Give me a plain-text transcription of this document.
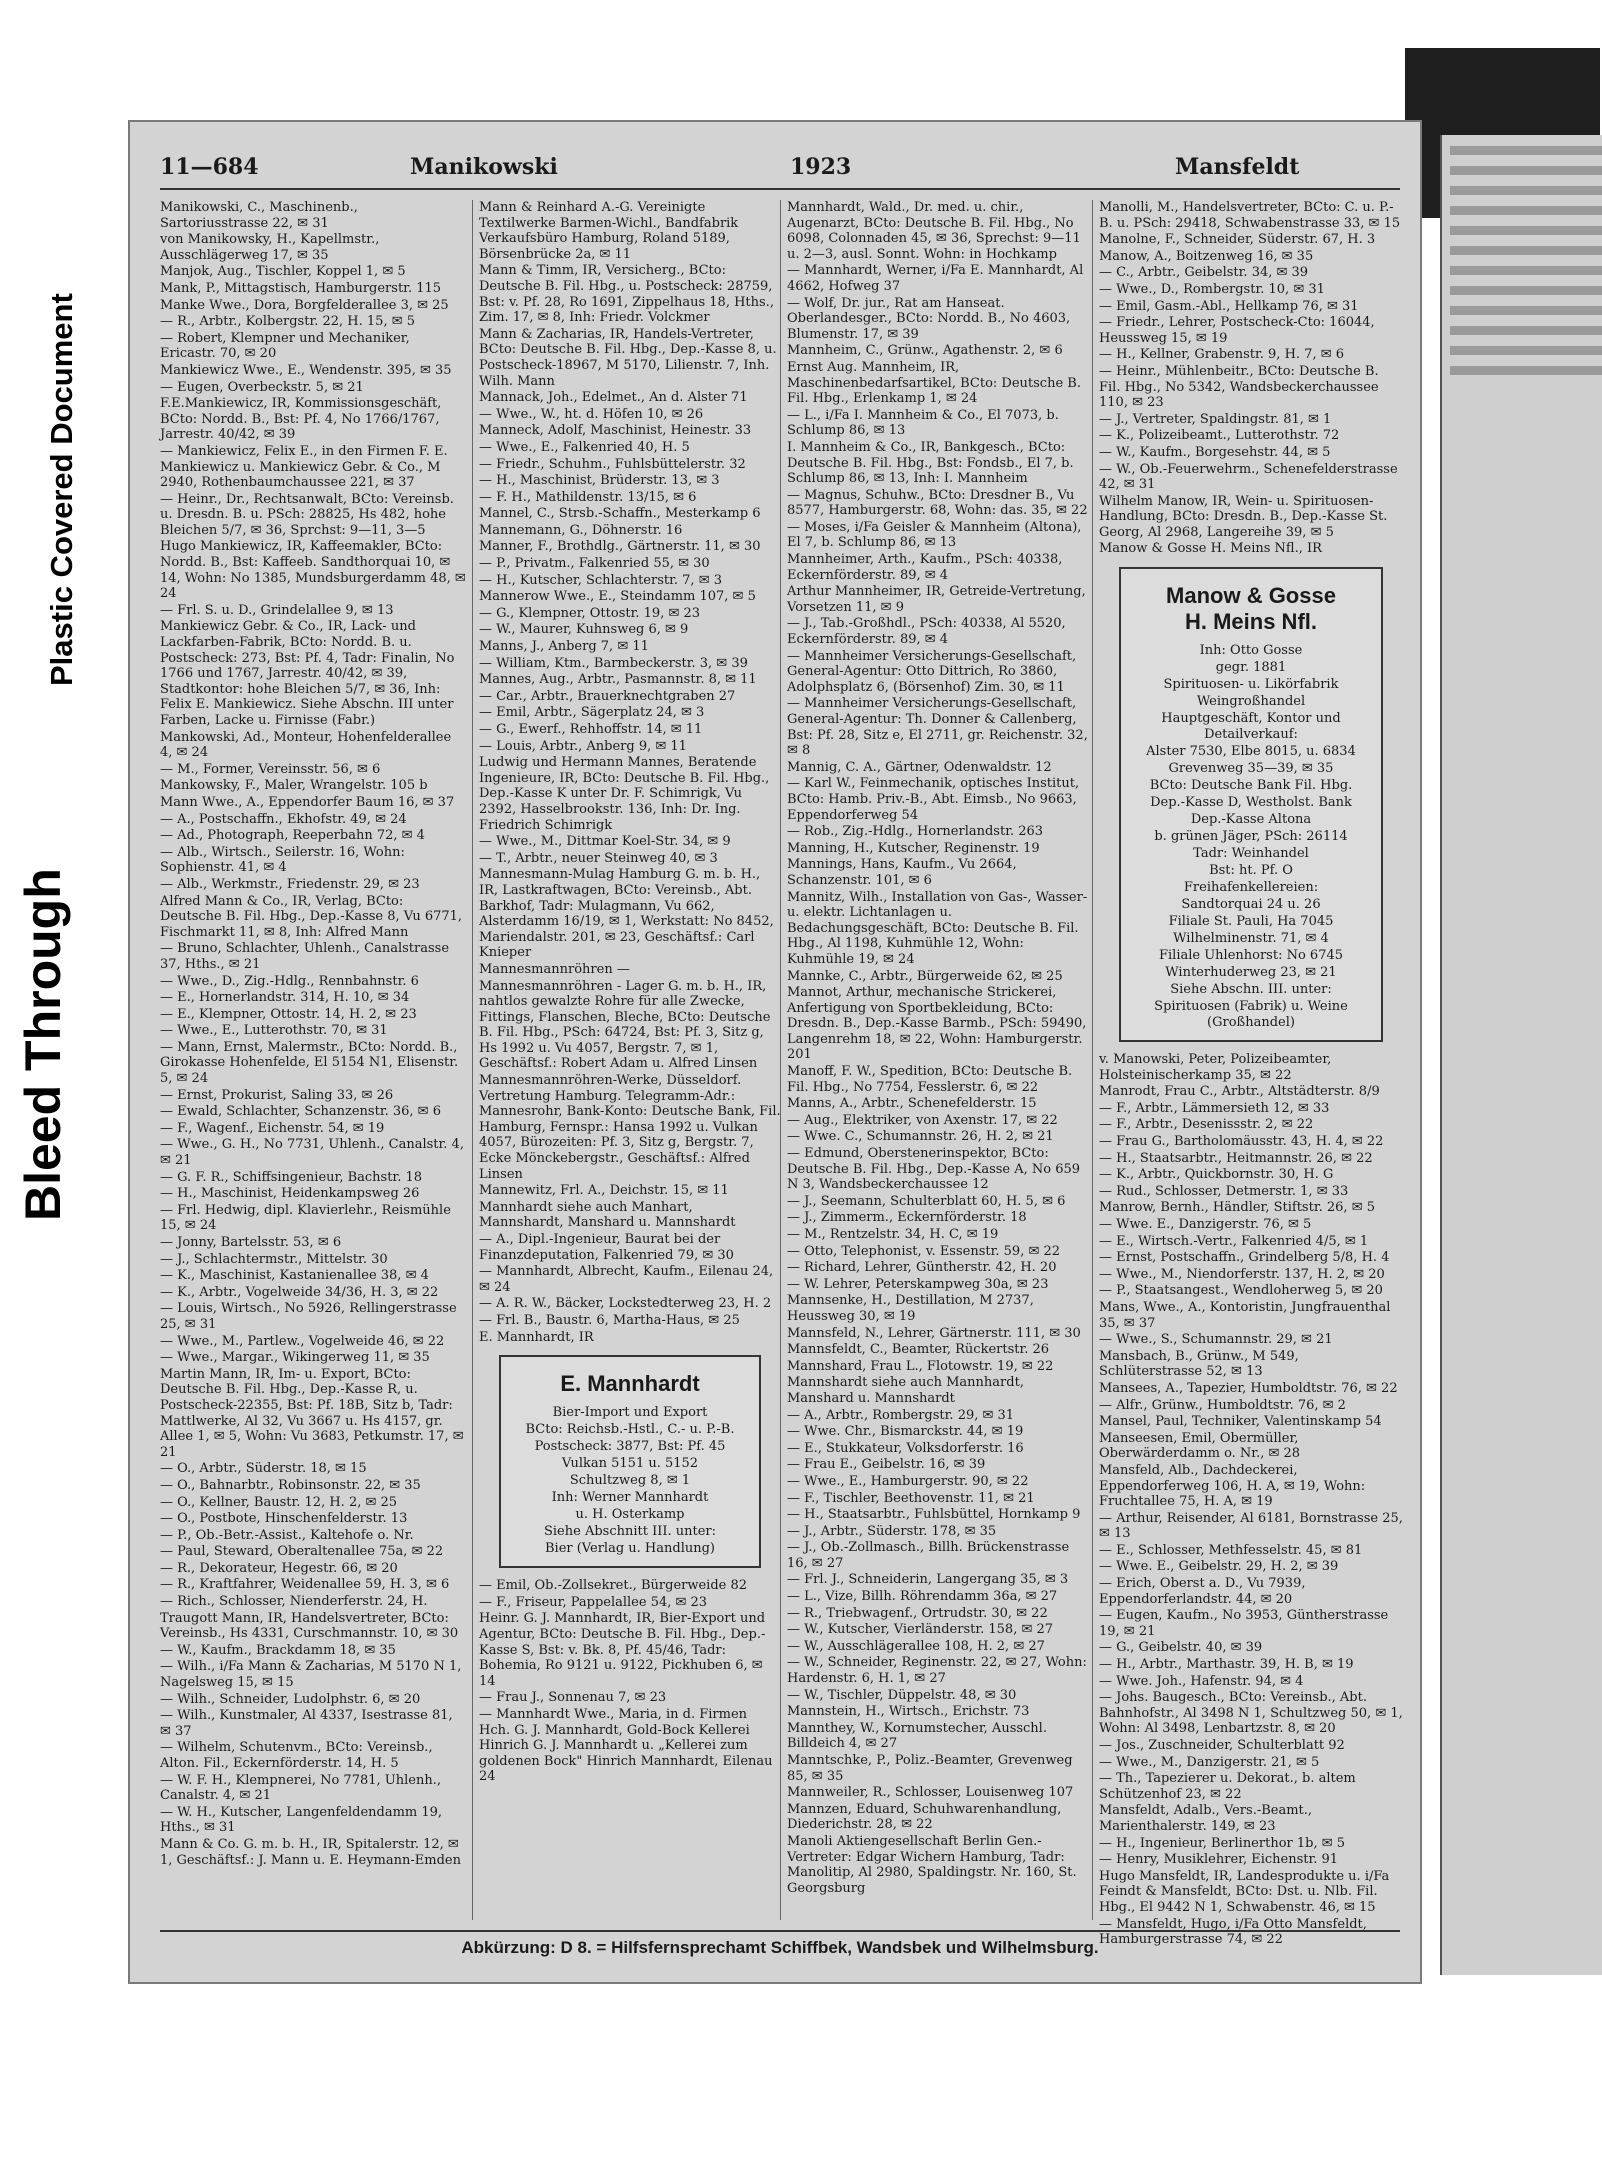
Bleed Through
Plastic Covered Document
11—684	Manikowski	1923	Mansfeldt
Manikowski, C., Maschinenb., Sartoriusstrasse 22, ✉ 31
von Manikowsky, H., Kapellmstr., Ausschlägerweg 17, ✉ 35
Manjok, Aug., Tischler, Koppel 1, ✉ 5
Mank, P., Mittagstisch, Hamburgerstr. 115
Manke Wwe., Dora, Borgfelderallee 3, ✉ 25
— R., Arbtr., Kolbergstr. 22, H. 15, ✉ 5
— Robert, Klempner und Mechaniker, Ericastr. 70, ✉ 20
Mankiewicz Wwe., E., Wendenstr. 395, ✉ 35
— Eugen, Overbeckstr. 5, ✉ 21
F.E.Mankiewicz, IR, Kommissionsgeschäft, BCto: Nordd. B., Bst: Pf. 4, No 1766/1767, Jarrestr. 40/42, ✉ 39
— Mankiewicz, Felix E., in den Firmen F. E. Mankiewicz u. Mankiewicz Gebr. & Co., M 2940, Rothenbaumchaussee 221, ✉ 37
— Heinr., Dr., Rechtsanwalt, BCto: Vereinsb. u. Dresdn. B. u. PSch: 28825, Hs 482, hohe Bleichen 5/7, ✉ 36, Sprchst: 9—11, 3—5
Hugo Mankiewicz, IR, Kaffeemakler, BCto: Nordd. B., Bst: Kaffeeb. Sandthorquai 10, ✉ 14, Wohn: No 1385, Mundsburgerdamm 48, ✉ 24
— Frl. S. u. D., Grindelallee 9, ✉ 13
Mankiewicz Gebr. & Co., IR, Lack- und Lackfarben-Fabrik, BCto: Nordd. B. u. Postscheck: 273, Bst: Pf. 4, Tadr: Finalin, No 1766 und 1767, Jarrestr. 40/42, ✉ 39, Stadtkontor: hohe Bleichen 5/7, ✉ 36, Inh: Felix E. Mankiewicz. Siehe Abschn. III unter Farben, Lacke u. Firnisse (Fabr.)
Mankowski, Ad., Monteur, Hohenfelderallee 4, ✉ 24
— M., Former, Vereinsstr. 56, ✉ 6
Mankowsky, F., Maler, Wrangelstr. 105 b
Mann Wwe., A., Eppendorfer Baum 16, ✉ 37
— A., Postschaffn., Ekhofstr. 49, ✉ 24
— Ad., Photograph, Reeperbahn 72, ✉ 4
— Alb., Wirtsch., Seilerstr. 16, Wohn: Sophienstr. 41, ✉ 4
— Alb., Werkmstr., Friedenstr. 29, ✉ 23
Alfred Mann & Co., IR, Verlag, BCto: Deutsche B. Fil. Hbg., Dep.-Kasse 8, Vu 6771, Fischmarkt 11, ✉ 8, Inh: Alfred Mann
— Bruno, Schlachter, Uhlenh., Canalstrasse 37, Hths., ✉ 21
— Wwe., D., Zig.-Hdlg., Rennbahnstr. 6
— E., Hornerlandstr. 314, H. 10, ✉ 34
— E., Klempner, Ottostr. 14, H. 2, ✉ 23
— Wwe., E., Lutterothstr. 70, ✉ 31
— Mann, Ernst, Malermstr., BCto: Nordd. B., Girokasse Hohenfelde, El 5154 N1, Elisenstr. 5, ✉ 24
— Ernst, Prokurist, Saling 33, ✉ 26
— Ewald, Schlachter, Schanzenstr. 36, ✉ 6
— F., Wagenf., Eichenstr. 54, ✉ 19
— Wwe., G. H., No 7731, Uhlenh., Canalstr. 4, ✉ 21
— G. F. R., Schiffsingenieur, Bachstr. 18
— H., Maschinist, Heidenkampsweg 26
— Frl. Hedwig, dipl. Klavierlehr., Reismühle 15, ✉ 24
— Jonny, Bartelsstr. 53, ✉ 6
— J., Schlachtermstr., Mittelstr. 30
— K., Maschinist, Kastanienallee 38, ✉ 4
— K., Arbtr., Vogelweide 34/36, H. 3, ✉ 22
— Louis, Wirtsch., No 5926, Rellingerstrasse 25, ✉ 31
— Wwe., M., Partlew., Vogelweide 46, ✉ 22
— Wwe., Margar., Wikingerweg 11, ✉ 35
Martin Mann, IR, Im- u. Export, BCto: Deutsche B. Fil. Hbg., Dep.-Kasse R, u. Postscheck-22355, Bst: Pf. 18B, Sitz b, Tadr: Mattlwerke, Al 32, Vu 3667 u. Hs 4157, gr. Allee 1, ✉ 5, Wohn: Vu 3683, Petkumstr. 17, ✉ 21
— O., Arbtr., Süderstr. 18, ✉ 15
— O., Bahnarbtr., Robinsonstr. 22, ✉ 35
— O., Kellner, Baustr. 12, H. 2, ✉ 25
— O., Postbote, Hinschenfelderstr. 13
— P., Ob.-Betr.-Assist., Kaltehofe o. Nr.
— Paul, Steward, Oberaltenallee 75a, ✉ 22
— R., Dekorateur, Hegestr. 66, ✉ 20
— R., Kraftfahrer, Weidenallee 59, H. 3, ✉ 6
— Rich., Schlosser, Nienderferstr. 24, H.
Traugott Mann, IR, Handelsvertreter, BCto: Vereinsb., Hs 4331, Curschmannstr. 10, ✉ 30
— W., Kaufm., Brackdamm 18, ✉ 35
— Wilh., i/Fa Mann & Zacharias, M 5170 N 1, Nagelsweg 15, ✉ 15
— Wilh., Schneider, Ludolphstr. 6, ✉ 20
— Wilh., Kunstmaler, Al 4337, Isestrasse 81, ✉ 37
— Wilhelm, Schutenvm., BCto: Vereinsb., Alton. Fil., Eckernförderstr. 14, H. 5
— W. F. H., Klempnerei, No 7781, Uhlenh., Canalstr. 4, ✉ 21
— W. H., Kutscher, Langenfeldendamm 19, Hths., ✉ 31
Mann & Co. G. m. b. H., IR, Spitalerstr. 12, ✉ 1, Geschäftsf.: J. Mann u. E. Heymann-Emden
Mann & Reinhard A.-G. Vereinigte Textilwerke Barmen-Wichl., Bandfabrik Verkaufsbüro Hamburg, Roland 5189, Börsenbrücke 2a, ✉ 11
Mann & Timm, IR, Versicherg., BCto: Deutsche B. Fil. Hbg., u. Postscheck: 28759, Bst: v. Pf. 28, Ro 1691, Zippelhaus 18, Hths., Zim. 17, ✉ 8, Inh: Friedr. Volckmer
Mann & Zacharias, IR, Handels-Vertreter, BCto: Deutsche B. Fil. Hbg., Dep.-Kasse 8, u. Postscheck-18967, M 5170, Lilienstr. 7, Inh. Wilh. Mann
Mannack, Joh., Edelmet., An d. Alster 71
— Wwe., W., ht. d. Höfen 10, ✉ 26
Manneck, Adolf, Maschinist, Heinestr. 33
— Wwe., E., Falkenried 40, H. 5
— Friedr., Schuhm., Fuhlsbüttelerstr. 32
— H., Maschinist, Brüderstr. 13, ✉ 3
— F. H., Mathildenstr. 13/15, ✉ 6
Mannel, C., Strsb.-Schaffn., Mesterkamp 6
Mannemann, G., Döhnerstr. 16
Manner, F., Brothdlg., Gärtnerstr. 11, ✉ 30
— P., Privatm., Falkenried 55, ✉ 30
— H., Kutscher, Schlachterstr. 7, ✉ 3
Mannerow Wwe., E., Steindamm 107, ✉ 5
— G., Klempner, Ottostr. 19, ✉ 23
— W., Maurer, Kuhnsweg 6, ✉ 9
Manns, J., Anberg 7, ✉ 11
— William, Ktm., Barmbeckerstr. 3, ✉ 39
Mannes, Aug., Arbtr., Pasmannstr. 8, ✉ 11
— Car., Arbtr., Brauerknechtgraben 27
— Emil, Arbtr., Sägerplatz 24, ✉ 3
— G., Ewerf., Rehhoffstr. 14, ✉ 11
— Louis, Arbtr., Anberg 9, ✉ 11
Ludwig und Hermann Mannes, Beratende Ingenieure, IR, BCto: Deutsche B. Fil. Hbg., Dep.-Kasse K unter Dr. F. Schimrigk, Vu 2392, Hasselbrookstr. 136, Inh: Dr. Ing. Friedrich Schimrigk
— Wwe., M., Dittmar Koel-Str. 34, ✉ 9
— T., Arbtr., neuer Steinweg 40, ✉ 3
Mannesmann-Mulag Hamburg G. m. b. H., IR, Lastkraftwagen, BCto: Vereinsb., Abt. Barkhof, Tadr: Mulagmann, Vu 662, Alsterdamm 16/19, ✉ 1, Werkstatt: No 8452, Mariendalstr. 201, ✉ 23, Geschäftsf.: Carl Knieper
Mannesmannröhren —
Mannesmannröhren - Lager G. m. b. H., IR, nahtlos gewalzte Rohre für alle Zwecke, Fittings, Flanschen, Bleche, BCto: Deutsche B. Fil. Hbg., PSch: 64724, Bst: Pf. 3, Sitz g, Hs 1992 u. Vu 4057, Bergstr. 7, ✉ 1, Geschäftsf.: Robert Adam u. Alfred Linsen
Mannesmannröhren-Werke, Düsseldorf. Vertretung Hamburg. Telegramm-Adr.: Mannesrohr, Bank-Konto: Deutsche Bank, Fil. Hamburg, Fernspr.: Hansa 1992 u. Vulkan 4057, Bürozeiten: Pf. 3, Sitz g, Bergstr. 7, Ecke Mönckebergstr., Geschäftsf.: Alfred Linsen
Mannewitz, Frl. A., Deichstr. 15, ✉ 11
Mannhardt siehe auch Manhart, Mannshardt, Manshard u. Mannshardt
— A., Dipl.-Ingenieur, Baurat bei der Finanzdeputation, Falkenried 79, ✉ 30
— Mannhardt, Albrecht, Kaufm., Eilenau 24, ✉ 24
— A. R. W., Bäcker, Lockstedterweg 23, H. 2
— Frl. B., Baustr. 6, Martha-Haus, ✉ 25
E. Mannhardt, IR
E. Mannhardt
Bier-Import und Export
BCto: Reichsb.-Hstl., C.- u. P.-B.
Postscheck: 3877, Bst: Pf. 45
Vulkan 5151 u. 5152
Schultzweg 8, ✉ 1
Inh: Werner Mannhardt
u. H. Osterkamp
Siehe Abschnitt III. unter:
Bier (Verlag u. Handlung)
— Emil, Ob.-Zollsekret., Bürgerweide 82
— F., Friseur, Pappelallee 54, ✉ 23
Heinr. G. J. Mannhardt, IR, Bier-Export und Agentur, BCto: Deutsche B. Fil. Hbg., Dep.-Kasse S, Bst: v. Bk. 8, Pf. 45/46, Tadr: Bohemia, Ro 9121 u. 9122, Pickhuben 6, ✉ 14
— Frau J., Sonnenau 7, ✉ 23
— Mannhardt Wwe., Maria, in d. Firmen Hch. G. J. Mannhardt, Gold-Bock Kellerei Hinrich G. J. Mannhardt u. „Kellerei zum goldenen Bock" Hinrich Mannhardt, Eilenau 24
Mannhardt, Wald., Dr. med. u. chir., Augenarzt, BCto: Deutsche B. Fil. Hbg., No 6098, Colonnaden 45, ✉ 36, Sprechst: 9—11 u. 2—3, ausl. Sonnt. Wohn: in Hochkamp
— Mannhardt, Werner, i/Fa E. Mannhardt, Al 4662, Hofweg 37
— Wolf, Dr. jur., Rat am Hanseat. Oberlandesger., BCto: Nordd. B., No 4603, Blumenstr. 17, ✉ 39
Mannheim, C., Grünw., Agathenstr. 2, ✉ 6
Ernst Aug. Mannheim, IR, Maschinenbedarfsartikel, BCto: Deutsche B. Fil. Hbg., Erlenkamp 1, ✉ 24
— L., i/Fa I. Mannheim & Co., El 7073, b. Schlump 86, ✉ 13
I. Mannheim & Co., IR, Bankgesch., BCto: Deutsche B. Fil. Hbg., Bst: Fondsb., El 7, b. Schlump 86, ✉ 13, Inh: I. Mannheim
— Magnus, Schuhw., BCto: Dresdner B., Vu 8577, Hamburgerstr. 68, Wohn: das. 35, ✉ 22
— Moses, i/Fa Geisler & Mannheim (Altona), El 7, b. Schlump 86, ✉ 13
Mannheimer, Arth., Kaufm., PSch: 40338, Eckernförderstr. 89, ✉ 4
Arthur Mannheimer, IR, Getreide-Vertretung, Vorsetzen 11, ✉ 9
— J., Tab.-Großhdl., PSch: 40338, Al 5520, Eckernförderstr. 89, ✉ 4
— Mannheimer Versicherungs-Gesellschaft, General-Agentur: Otto Dittrich, Ro 3860, Adolphsplatz 6, (Börsenhof) Zim. 30, ✉ 11
— Mannheimer Versicherungs-Gesellschaft, General-Agentur: Th. Donner & Callenberg, Bst: Pf. 28, Sitz e, El 2711, gr. Reichenstr. 32, ✉ 8
Mannig, C. A., Gärtner, Odenwaldstr. 12
— Karl W., Feinmechanik, optisches Institut, BCto: Hamb. Priv.-B., Abt. Eimsb., No 9663, Eppendorferweg 54
— Rob., Zig.-Hdlg., Hornerlandstr. 263
Manning, H., Kutscher, Reginenstr. 19
Mannings, Hans, Kaufm., Vu 2664, Schanzenstr. 101, ✉ 6
Mannitz, Wilh., Installation von Gas-, Wasser- u. elektr. Lichtanlagen u. Bedachungsgeschäft, BCto: Deutsche B. Fil. Hbg., Al 1198, Kuhmühle 12, Wohn: Kuhmühle 19, ✉ 24
Mannke, C., Arbtr., Bürgerweide 62, ✉ 25
Mannot, Arthur, mechanische Strickerei, Anfertigung von Sportbekleidung, BCto: Dresdn. B., Dep.-Kasse Barmb., PSch: 59490, Langenrehm 18, ✉ 22, Wohn: Hamburgerstr. 201
Manoff, F. W., Spedition, BCto: Deutsche B. Fil. Hbg., No 7754, Fesslerstr. 6, ✉ 22
Manns, A., Arbtr., Schenefelderstr. 15
— Aug., Elektriker, von Axenstr. 17, ✉ 22
— Wwe. C., Schumannstr. 26, H. 2, ✉ 21
— Edmund, Oberstenerinspektor, BCto: Deutsche B. Fil. Hbg., Dep.-Kasse A, No 659 N 3, Wandsbeckerchaussee 12
— J., Seemann, Schulterblatt 60, H. 5, ✉ 6
— J., Zimmerm., Eckernförderstr. 18
— M., Rentzelstr. 34, H. C, ✉ 19
— Otto, Telephonist, v. Essenstr. 59, ✉ 22
— Richard, Lehrer, Güntherstr. 42, H. 20
— W. Lehrer, Peterskampweg 30a, ✉ 23
Mannsenke, H., Destillation, M 2737, Heussweg 30, ✉ 19
Mannsfeld, N., Lehrer, Gärtnerstr. 111, ✉ 30
Mannsfeldt, C., Beamter, Rückertstr. 26
Mannshard, Frau L., Flotowstr. 19, ✉ 22
Mannshardt siehe auch Mannhardt, Manshard u. Mannshardt
— A., Arbtr., Rombergstr. 29, ✉ 31
— Wwe. Chr., Bismarckstr. 44, ✉ 19
— E., Stukkateur, Volksdorferstr. 16
— Frau E., Geibelstr. 16, ✉ 39
— Wwe., E., Hamburgerstr. 90, ✉ 22
— F., Tischler, Beethovenstr. 11, ✉ 21
— H., Staatsarbtr., Fuhlsbüttel, Hornkamp 9
— J., Arbtr., Süderstr. 178, ✉ 35
— J., Ob.-Zollmasch., Billh. Brückenstrasse 16, ✉ 27
— Frl. J., Schneiderin, Langergang 35, ✉ 3
— L., Vize, Billh. Röhrendamm 36a, ✉ 27
— R., Triebwagenf., Ortrudstr. 30, ✉ 22
— W., Kutscher, Vierländerstr. 158, ✉ 27
— W., Ausschlägerallee 108, H. 2, ✉ 27
— W., Schneider, Reginenstr. 22, ✉ 27, Wohn: Hardenstr. 6, H. 1, ✉ 27
— W., Tischler, Düppelstr. 48, ✉ 30
Mannstein, H., Wirtsch., Erichstr. 73
Mannthey, W., Kornumstecher, Ausschl. Billdeich 4, ✉ 27
Manntschke, P., Poliz.-Beamter, Grevenweg 85, ✉ 35
Mannweiler, R., Schlosser, Louisenweg 107
Mannzen, Eduard, Schuhwarenhandlung, Diederichstr. 28, ✉ 22
Manoli Aktiengesellschaft Berlin Gen.-Vertreter: Edgar Wichern Hamburg, Tadr: Manolitip, Al 2980, Spaldingstr. Nr. 160, St. Georgsburg
Manolli, M., Handelsvertreter, BCto: C. u. P.-B. u. PSch: 29418, Schwabenstrasse 33, ✉ 15
Manolne, F., Schneider, Süderstr. 67, H. 3
Manow, A., Boitzenweg 16, ✉ 35
— C., Arbtr., Geibelstr. 34, ✉ 39
— Wwe., D., Rombergstr. 10, ✉ 31
— Emil, Gasm.-Abl., Hellkamp 76, ✉ 31
— Friedr., Lehrer, Postscheck-Cto: 16044, Heussweg 15, ✉ 19
— H., Kellner, Grabenstr. 9, H. 7, ✉ 6
— Heinr., Mühlenbeitr., BCto: Deutsche B. Fil. Hbg., No 5342, Wandsbeckerchaussee 110, ✉ 23
— J., Vertreter, Spaldingstr. 81, ✉ 1
— K., Polizeibeamt., Lutterothstr. 72
— W., Kaufm., Borgesehstr. 44, ✉ 5
— W., Ob.-Feuerwehrm., Schenefelderstrasse 42, ✉ 31
Wilhelm Manow, IR, Wein- u. Spirituosen-Handlung, BCto: Dresdn. B., Dep.-Kasse St. Georg, Al 2968, Langereihe 39, ✉ 5
Manow & Gosse H. Meins Nfl., IR
Manow & Gosse
H. Meins Nfl.
Inh: Otto Gosse
gegr. 1881
Spirituosen- u. Likörfabrik
Weingroßhandel
Hauptgeschäft, Kontor und Detailverkauf:
Alster 7530, Elbe 8015, u. 6834
Grevenweg 35—39, ✉ 35
BCto: Deutsche Bank Fil. Hbg.
Dep.-Kasse D, Westholst. Bank
Dep.-Kasse Altona
b. grünen Jäger, PSch: 26114
Tadr: Weinhandel
Bst: ht. Pf. O
Freihafenkellereien:
Sandtorquai 24 u. 26
Filiale St. Pauli, Ha 7045
Wilhelminenstr. 71, ✉ 4
Filiale Uhlenhorst: No 6745
Winterhuderweg 23, ✉ 21
Siehe Abschn. III. unter:
Spirituosen (Fabrik) u. Weine (Großhandel)
v. Manowski, Peter, Polizeibeamter, Holsteinischerkamp 35, ✉ 22
Manrodt, Frau C., Arbtr., Altstädterstr. 8/9
— F., Arbtr., Lämmersieth 12, ✉ 33
— F., Arbtr., Desenissstr. 2, ✉ 22
— Frau G., Bartholomäusstr. 43, H. 4, ✉ 22
— H., Staatsarbtr., Heitmannstr. 26, ✉ 22
— K., Arbtr., Quickbornstr. 30, H. G
— Rud., Schlosser, Detmerstr. 1, ✉ 33
Manrow, Bernh., Händler, Stiftstr. 26, ✉ 5
— Wwe. E., Danzigerstr. 76, ✉ 5
— E., Wirtsch.-Vertr., Falkenried 4/5, ✉ 1
— Ernst, Postschaffn., Grindelberg 5/8, H. 4
— Wwe., M., Niendorferstr. 137, H. 2, ✉ 20
— P., Staatsangest., Wendloherweg 5, ✉ 20
Mans, Wwe., A., Kontoristin, Jungfrauenthal 35, ✉ 37
— Wwe., S., Schumannstr. 29, ✉ 21
Mansbach, B., Grünw., M 549, Schlüterstrasse 52, ✉ 13
Mansees, A., Tapezier, Humboldtstr. 76, ✉ 22
— Alfr., Grünw., Humboldtstr. 76, ✉ 2
Mansel, Paul, Techniker, Valentinskamp 54
Manseesen, Emil, Obermüller, Oberwärderdamm o. Nr., ✉ 28
Mansfeld, Alb., Dachdeckerei, Eppendorferweg 106, H. A, ✉ 19, Wohn: Fruchtallee 75, H. A, ✉ 19
— Arthur, Reisender, Al 6181, Bornstrasse 25, ✉ 13
— E., Schlosser, Methfesselstr. 45, ✉ 81
— Wwe. E., Geibelstr. 29, H. 2, ✉ 39
— Erich, Oberst a. D., Vu 7939, Eppendorferlandstr. 44, ✉ 20
— Eugen, Kaufm., No 3953, Güntherstrasse 19, ✉ 21
— G., Geibelstr. 40, ✉ 39
— H., Arbtr., Marthastr. 39, H. B, ✉ 19
— Wwe. Joh., Hafenstr. 94, ✉ 4
— Johs. Baugesch., BCto: Vereinsb., Abt. Bahnhofstr., Al 3498 N 1, Schultzweg 50, ✉ 1, Wohn: Al 3498, Lenbartzstr. 8, ✉ 20
— Jos., Zuschneider, Schulterblatt 92
— Wwe., M., Danzigerstr. 21, ✉ 5
— Th., Tapezierer u. Dekorat., b. altem Schützenhof 23, ✉ 22
Mansfeldt, Adalb., Vers.-Beamt., Marienthalerstr. 149, ✉ 23
— H., Ingenieur, Berlinerthor 1b, ✉ 5
— Henry, Musiklehrer, Eichenstr. 91
Hugo Mansfeldt, IR, Landesprodukte u. i/Fa Feindt & Mansfeldt, BCto: Dst. u. Nlb. Fil. Hbg., El 9442 N 1, Schwabenstr. 46, ✉ 15
— Mansfeldt, Hugo, i/Fa Otto Mansfeldt, Hamburgerstrasse 74, ✉ 22
Abkürzung: D 8. = Hilfsfernsprechamt Schiffbek, Wandsbek und Wilhelmsburg.
